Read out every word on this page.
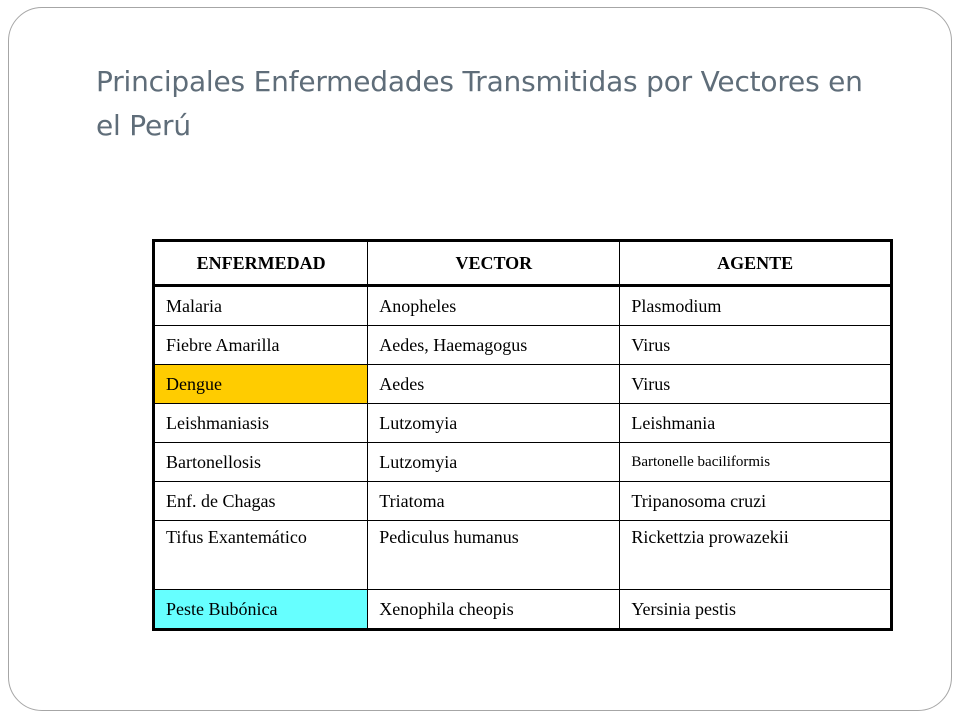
Principales Enfermedades Transmitidas por Vectores en el Perú
ENFERMEDAD	VECTOR	AGENTE
Malaria	Anopheles	Plasmodium
Fiebre Amarilla	Aedes, Haemagogus	Virus
Dengue	Aedes	Virus
Leishmaniasis	Lutzomyia	Leishmania
Bartonellosis	Lutzomyia	Bartonelle baciliformis
Enf. de Chagas	Triatoma	Tripanosoma cruzi
Tifus Exantemático	Pediculus humanus	Rickettzia prowazekii
Peste Bubónica	Xenophila cheopis	Yersinia pestis
